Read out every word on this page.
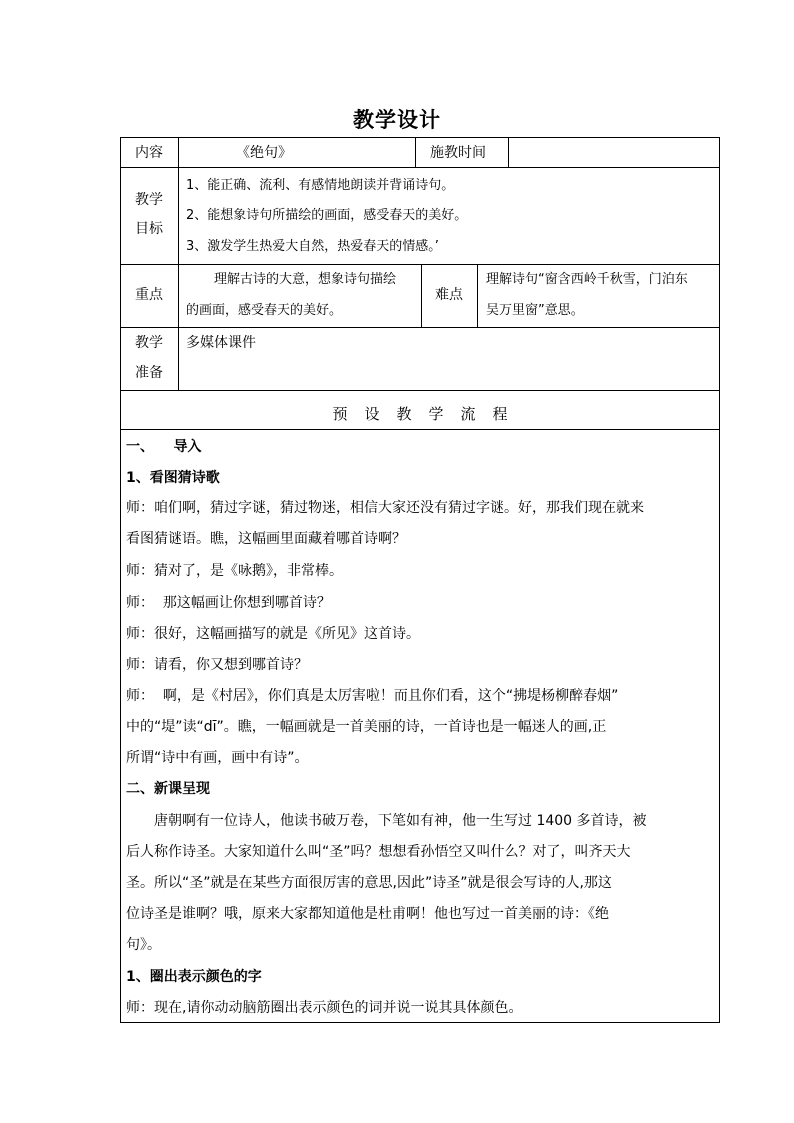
教学设计
内容	《绝句》	施教时间
教学
目标
1、能正确、流利、有感情地朗读并背诵诗句。
2、能想象诗句所描绘的画面，感受春天的美好。
3、激发学生热爱大自然，热爱春天的情感。’
重点
理解古诗的大意，想象诗句描绘
的画面，感受春天的美好。
难点
理解诗句“窗含西岭千秋雪，门泊东
吴万里窗”意思。
教学
准备
多媒体课件
预设教学流程
一、    导入
1、看图猜诗歌
师：咱们啊，猜过字谜，猜过物迷，相信大家还没有猜过字谜。好，那我们现在就来
看图猜谜语。瞧，这幅画里面藏着哪首诗啊？
师：猜对了，是《咏鹅》，非常棒。
师：  那这幅画让你想到哪首诗？
师：很好，这幅画描写的就是《所见》这首诗。
师：请看，你又想到哪首诗？
师：  啊，是《村居》，你们真是太厉害啦！而且你们看，这个“拂堤杨柳醉春烟”
中的“堤”读“dī”。瞧，一幅画就是一首美丽的诗，一首诗也是一幅迷人的画,正
所谓“诗中有画，画中有诗”。
二、新课呈现
唐朝啊有一位诗人，他读书破万卷，下笔如有神，他一生写过 1400 多首诗，被
后人称作诗圣。大家知道什么叫“圣”吗？想想看孙悟空又叫什么？对了，叫齐天大
圣。所以“圣”就是在某些方面很厉害的意思,因此”诗圣”就是很会写诗的人,那这
位诗圣是谁啊？哦，原来大家都知道他是杜甫啊！他也写过一首美丽的诗：《绝
句》。
1、圈出表示颜色的字
师：现在,请你动动脑筋圈出表示颜色的词并说一说其具体颜色。
